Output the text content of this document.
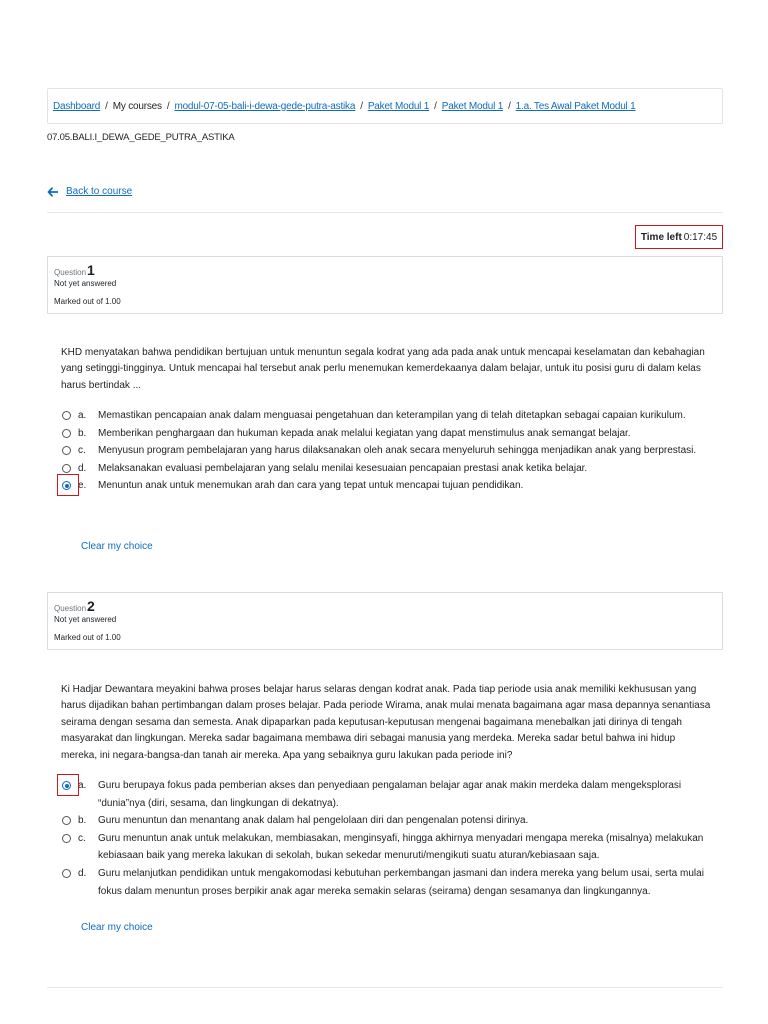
Dashboard / My courses / modul-07-05-bali-i-dewa-gede-putra-astika / Paket Modul 1 / Paket Modul 1 / 1.a. Tes Awal Paket Modul 1
07.05.BALI.I_DEWA_GEDE_PUTRA_ASTIKA
Back to course
Time left 0:17:45
Question1
Not yet answered
Marked out of 1.00
KHD menyatakan bahwa pendidikan bertujuan untuk menuntun segala kodrat yang ada pada anak untuk mencapai keselamatan dan kebahagian yang setinggi-tingginya. Untuk mencapai hal tersebut anak perlu menemukan kemerdekaanya dalam belajar, untuk itu posisi guru di dalam kelas harus bertindak ...
a.	Memastikan pencapaian anak dalam menguasai pengetahuan dan keterampilan yang di telah ditetapkan sebagai capaian kurikulum.
b.	Memberikan penghargaan dan hukuman kepada anak melalui kegiatan yang dapat menstimulus anak semangat belajar.
c.	Menyusun program pembelajaran yang harus dilaksanakan oleh anak secara menyeluruh sehingga menjadikan anak yang berprestasi.
d.	Melaksanakan evaluasi pembelajaran yang selalu menilai kesesuaian pencapaian prestasi anak ketika belajar.
e.	Menuntun anak untuk menemukan arah dan cara yang tepat untuk mencapai tujuan pendidikan.
Clear my choice
Question2
Not yet answered
Marked out of 1.00
Ki Hadjar Dewantara meyakini bahwa proses belajar harus selaras dengan kodrat anak. Pada tiap periode usia anak memiliki kekhususan yang harus dijadikan bahan pertimbangan dalam proses belajar. Pada periode Wirama, anak mulai menata bagaimana agar masa depannya senantiasa seirama dengan sesama dan semesta. Anak dipaparkan pada keputusan-keputusan mengenai bagaimana menebalkan jati dirinya di tengah masyarakat dan lingkungan. Mereka sadar bagaimana membawa diri sebagai manusia yang merdeka. Mereka sadar betul bahwa ini hidup mereka, ini negara-bangsa-dan tanah air mereka. Apa yang sebaiknya guru lakukan pada periode ini?
a.	Guru berupaya fokus pada pemberian akses dan penyediaan pengalaman belajar agar anak makin merdeka dalam mengeksplorasi “dunia”nya (diri, sesama, dan lingkungan di dekatnya).
b.	Guru menuntun dan menantang anak dalam hal pengelolaan diri dan pengenalan potensi dirinya.
c.	Guru menuntun anak untuk melakukan, membiasakan, menginsyafi, hingga akhirnya menyadari mengapa mereka (misalnya) melakukan kebiasaan baik yang mereka lakukan di sekolah, bukan sekedar menuruti/mengikuti suatu aturan/kebiasaan saja.
d.	Guru melanjutkan pendidikan untuk mengakomodasi kebutuhan perkembangan jasmani dan indera mereka yang belum usai, serta mulai fokus dalam menuntun proses berpikir anak agar mereka semakin selaras (seirama) dengan sesamanya dan lingkungannya.
Clear my choice
